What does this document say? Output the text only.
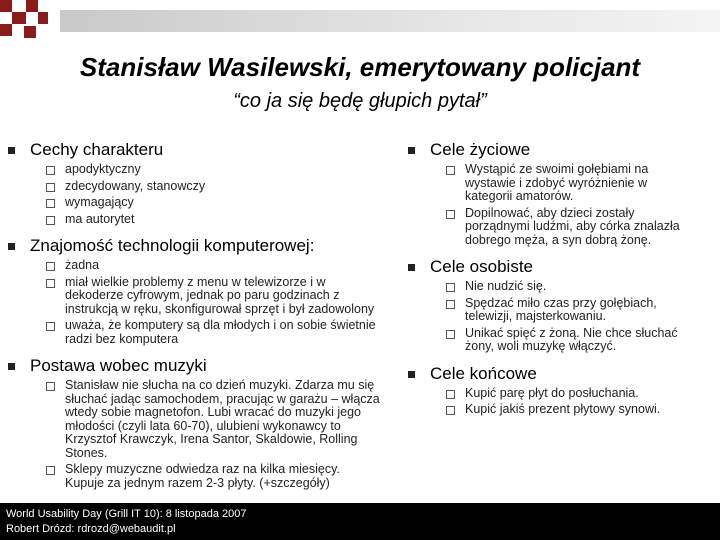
Stanisław Wasilewski, emerytowany policjant
“co ja się będę głupich pytał”
Cechy charakteru
apodyktyczny
zdecydowany, stanowczy
wymagający
ma autorytet
Znajomość technologii komputerowej:
żadna
miał wielkie problemy z menu w telewizorze i w dekoderze cyfrowym, jednak po paru godzinach z instrukcją w ręku, skonfigurował sprzęt i był zadowolony
uważa, że komputery są dla młodych i on sobie świetnie radzi bez komputera
Postawa wobec muzyki
Stanisław nie słucha na co dzień muzyki. Zdarza mu się słuchać jadąc samochodem, pracując w garażu – włącza wtedy sobie magnetofon. Lubi wracać do muzyki jego młodości (czyli lata 60-70), ulubieni wykonawcy to Krzysztof Krawczyk, Irena Santor, Skaldowie, Rolling Stones.
Sklepy muzyczne odwiedza raz na kilka miesięcy. Kupuje za jednym razem 2-3 płyty. (+szczegóły)
Cele życiowe
Wystąpić ze swoimi gołębiami na wystawie i zdobyć wyróżnienie w kategorii amatorów.
Dopilnować, aby dzieci zostały porządnymi ludźmi, aby córka znalazła dobrego męża, a syn dobrą żonę.
Cele osobiste
Nie nudzić się.
Spędzać miło czas przy gołębiach, telewizji, majsterkowaniu.
Unikać spięć z żoną. Nie chce słuchać żony, woli muzykę włączyć.
Cele końcowe
Kupić parę płyt do posłuchania.
Kupić jakiś prezent płytowy synowi.
World Usability Day (Grill IT 10): 8 listopada 2007
Robert Drózd: rdrozd@webaudit.pl
